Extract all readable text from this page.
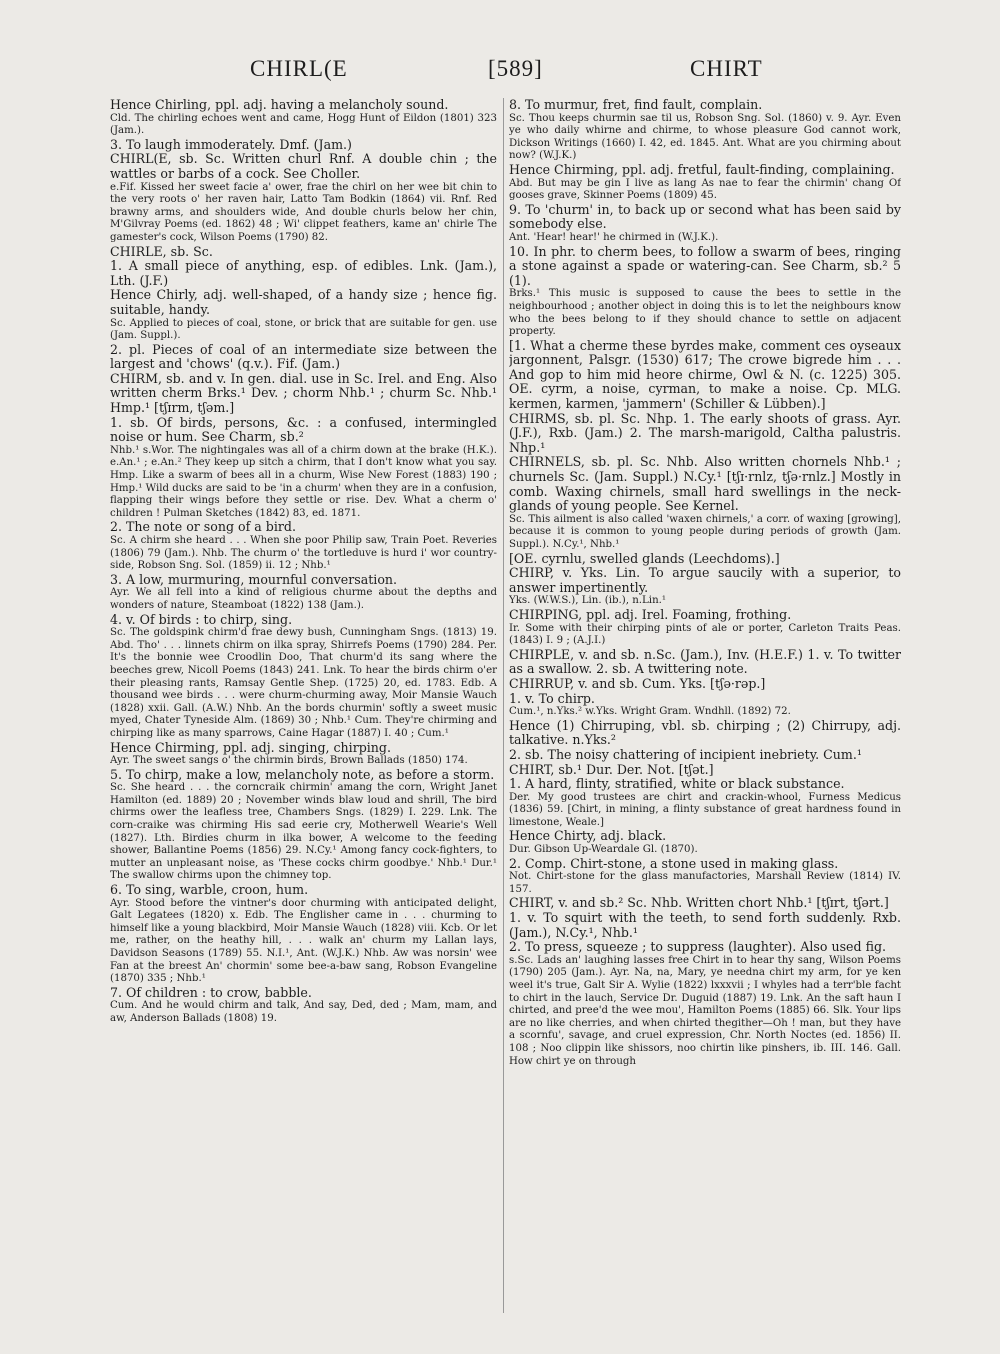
CHIRL(E	[589]	CHIRT

Hence Chirling, ppl. adj. having a melancholy sound.

Cld. The chirling echoes went and came, Hogg Hunt of Eildon (1801) 323 (Jam.).

3. To laugh immoderately. Dmf. (Jam.)

CHIRL(E, sb. Sc. Written churl Rnf. A double chin ; the wattles or barbs of a cock. See Choller.

e.Fif. Kissed her sweet facie a' ower, frae the chirl on her wee bit chin to the very roots o' her raven hair, Latto Tam Bodkin (1864) vii. Rnf. Red brawny arms, and shoulders wide, And double churls below her chin, M'Gilvray Poems (ed. 1862) 48 ; Wi' clippet feathers, kame an' chirle The gamester's cock, Wilson Poems (1790) 82.

CHIRLE, sb. Sc.

1. A small piece of anything, esp. of edibles. Lnk. (Jam.), Lth. (J.F.)

Hence Chirly, adj. well-shaped, of a handy size ; hence fig. suitable, handy.

Sc. Applied to pieces of coal, stone, or brick that are suitable for gen. use (Jam. Suppl.).

2. pl. Pieces of coal of an intermediate size between the largest and 'chows' (q.v.). Fif. (Jam.)

CHIRM, sb. and v. In gen. dial. use in Sc. Irel. and Eng. Also written cherm Brks.¹ Dev. ; chorm Nhb.¹ ; churm Sc. Nhb.¹ Hmp.¹ [tʃɪrm, tʃəm.]

1. sb. Of birds, persons, &c. : a confused, intermingled noise or hum. See Charm, sb.²

Nhb.¹ s.Wor. The nightingales was all of a chirm down at the brake (H.K.). e.An.¹ ; e.An.² They keep up sitch a chirm, that I don't know what you say. Hmp. Like a swarm of bees all in a churm, Wise New Forest (1883) 190 ; Hmp.¹ Wild ducks are said to be 'in a churm' when they are in a confusion, flapping their wings before they settle or rise. Dev. What a cherm o' children ! Pulman Sketches (1842) 83, ed. 1871.

2. The note or song of a bird.

Sc. A chirm she heard . . . When she poor Philip saw, Train Poet. Reveries (1806) 79 (Jam.). Nhb. The churm o' the tortleduve is hurd i' wor country-side, Robson Sng. Sol. (1859) ii. 12 ; Nhb.¹

3. A low, murmuring, mournful conversation.

Ayr. We all fell into a kind of religious churme about the depths and wonders of nature, Steamboat (1822) 138 (Jam.).

4. v. Of birds : to chirp, sing.

Sc. The goldspink chirm'd frae dewy bush, Cunningham Sngs. (1813) 19. Abd. Tho' . . . linnets chirm on ilka spray, Shirrefs Poems (1790) 284. Per. It's the bonnie wee Croodlin Doo, That churm'd its sang where the beeches grew, Nicoll Poems (1843) 241. Lnk. To hear the birds chirm o'er their pleasing rants, Ramsay Gentle Shep. (1725) 20, ed. 1783. Edb. A thousand wee birds . . . were churm-churming away, Moir Mansie Wauch (1828) xxii. Gall. (A.W.) Nhb. An the bords churmin' softly a sweet music myed, Chater Tyneside Alm. (1869) 30 ; Nhb.¹ Cum. They're chirming and chirping like as many sparrows, Caine Hagar (1887) I. 40 ; Cum.¹

Hence Chirming, ppl. adj. singing, chirping.

Ayr. The sweet sangs o' the chirmin birds, Brown Ballads (1850) 174.

5. To chirp, make a low, melancholy note, as before a storm.

Sc. She heard . . . the corncraik chirmin' amang the corn, Wright Janet Hamilton (ed. 1889) 20 ; November winds blaw loud and shrill, The bird chirms ower the leafless tree, Chambers Sngs. (1829) I. 229. Lnk. The corn-craike was chirming His sad eerie cry, Motherwell Wearie's Well (1827). Lth. Birdies churm in ilka bower, A welcome to the feeding shower, Ballantine Poems (1856) 29. N.Cy.¹ Among fancy cock-fighters, to mutter an unpleasant noise, as 'These cocks chirm goodbye.' Nhb.¹ Dur.¹ The swallow chirms upon the chimney top.

6. To sing, warble, croon, hum.

Ayr. Stood before the vintner's door churming with anticipated delight, Galt Legatees (1820) x. Edb. The Englisher came in . . . churming to himself like a young blackbird, Moir Mansie Wauch (1828) viii. Kcb. Or let me, rather, on the heathy hill, . . . walk an' churm my Lallan lays, Davidson Seasons (1789) 55. N.I.¹, Ant. (W.J.K.) Nhb. Aw was norsin' wee Fan at the breest An' chormin' some bee-a-baw sang, Robson Evangeline (1870) 335 ; Nhb.¹

7. Of children : to crow, babble.

Cum. And he would chirm and talk, And say, Ded, ded ; Mam, mam, and aw, Anderson Ballads (1808) 19.

8. To murmur, fret, find fault, complain.

Sc. Thou keeps churmin sae til us, Robson Sng. Sol. (1860) v. 9. Ayr. Even ye who daily whirne and chirme, to whose pleasure God cannot work, Dickson Writings (1660) I. 42, ed. 1845. Ant. What are you chirming about now? (W.J.K.)

Hence Chirming, ppl. adj. fretful, fault-finding, complaining.

Abd. But may be gin I live as lang As nae to fear the chirmin' chang Of gooses grave, Skinner Poems (1809) 45.

9. To 'churm' in, to back up or second what has been said by somebody else.

Ant. 'Hear! hear!' he chirmed in (W.J.K.).

10. In phr. to cherm bees, to follow a swarm of bees, ringing a stone against a spade or watering-can. See Charm, sb.² 5 (1).

Brks.¹ This music is supposed to cause the bees to settle in the neighbourhood ; another object in doing this is to let the neighbours know who the bees belong to if they should chance to settle on adjacent property.

[1. What a cherme these byrdes make, comment ces oyseaux jargonnent, Palsgr. (1530) 617; The crowe bigrede him . . . And gop to him mid heore chirme, Owl & N. (c. 1225) 305. OE. cyrm, a noise, cyrman, to make a noise. Cp. MLG. kermen, karmen, 'jammern' (Schiller & Lübben).]

CHIRMS, sb. pl. Sc. Nhp. 1. The early shoots of grass. Ayr. (J.F.), Rxb. (Jam.) 2. The marsh-marigold, Caltha palustris. Nhp.¹

CHIRNELS, sb. pl. Sc. Nhb. Also written chornels Nhb.¹ ; churnels Sc. (Jam. Suppl.) N.Cy.¹ [tʃɪ·rnlz, tʃə·rnlz.] Mostly in comb. Waxing chirnels, small hard swellings in the neck-glands of young people. See Kernel.

Sc. This ailment is also called 'waxen chirnels,' a corr. of waxing [growing], because it is common to young people during periods of growth (Jam. Suppl.). N.Cy.¹, Nhb.¹

[OE. cyrnlu, swelled glands (Leechdoms).]

CHIRP, v. Yks. Lin. To argue saucily with a superior, to answer impertinently.

Yks. (W.W.S.), Lin. (ib.), n.Lin.¹

CHIRPING, ppl. adj. Irel. Foaming, frothing.

Ir. Some with their chirping pints of ale or porter, Carleton Traits Peas. (1843) I. 9 ; (A.J.I.)

CHIRPLE, v. and sb. n.Sc. (Jam.), Inv. (H.E.F.) 1. v. To twitter as a swallow. 2. sb. A twittering note.

CHIRRUP, v. and sb. Cum. Yks. [tʃə·rəp.]

1. v. To chirp.

Cum.¹, n.Yks.² w.Yks. Wright Gram. Wndhll. (1892) 72.

Hence (1) Chirruping, vbl. sb. chirping ; (2) Chirrupy, adj. talkative. n.Yks.²

2. sb. The noisy chattering of incipient inebriety. Cum.¹

CHIRT, sb.¹ Dur. Der. Not. [tʃət.]

1. A hard, flinty, stratified, white or black substance.

Der. My good trustees are chirt and crackin-whool, Furness Medicus (1836) 59. [Chirt, in mining, a flinty substance of great hardness found in limestone, Weale.]

Hence Chirty, adj. black.

Dur. Gibson Up-Weardale Gl. (1870).

2. Comp. Chirt-stone, a stone used in making glass.

Not. Chirt-stone for the glass manufactories, Marshall Review (1814) IV. 157.

CHIRT, v. and sb.² Sc. Nhb. Written chort Nhb.¹ [tʃɪrt, tʃərt.]

1. v. To squirt with the teeth, to send forth suddenly. Rxb. (Jam.), N.Cy.¹, Nhb.¹

2. To press, squeeze ; to suppress (laughter). Also used fig.

s.Sc. Lads an' laughing lasses free Chirt in to hear thy sang, Wilson Poems (1790) 205 (Jam.). Ayr. Na, na, Mary, ye needna chirt my arm, for ye ken weel it's true, Galt Sir A. Wylie (1822) lxxxvii ; I whyles had a terr'ble facht to chirt in the lauch, Service Dr. Duguid (1887) 19. Lnk. An the saft haun I chirted, and pree'd the wee mou', Hamilton Poems (1885) 66. Slk. Your lips are no like cherries, and when chirted thegither—Oh ! man, but they have a scornfu', savage, and cruel expression, Chr. North Noctes (ed. 1856) II. 108 ; Noo clippin like shissors, noo chirtin like pinshers, ib. III. 146. Gall. How chirt ye on through
